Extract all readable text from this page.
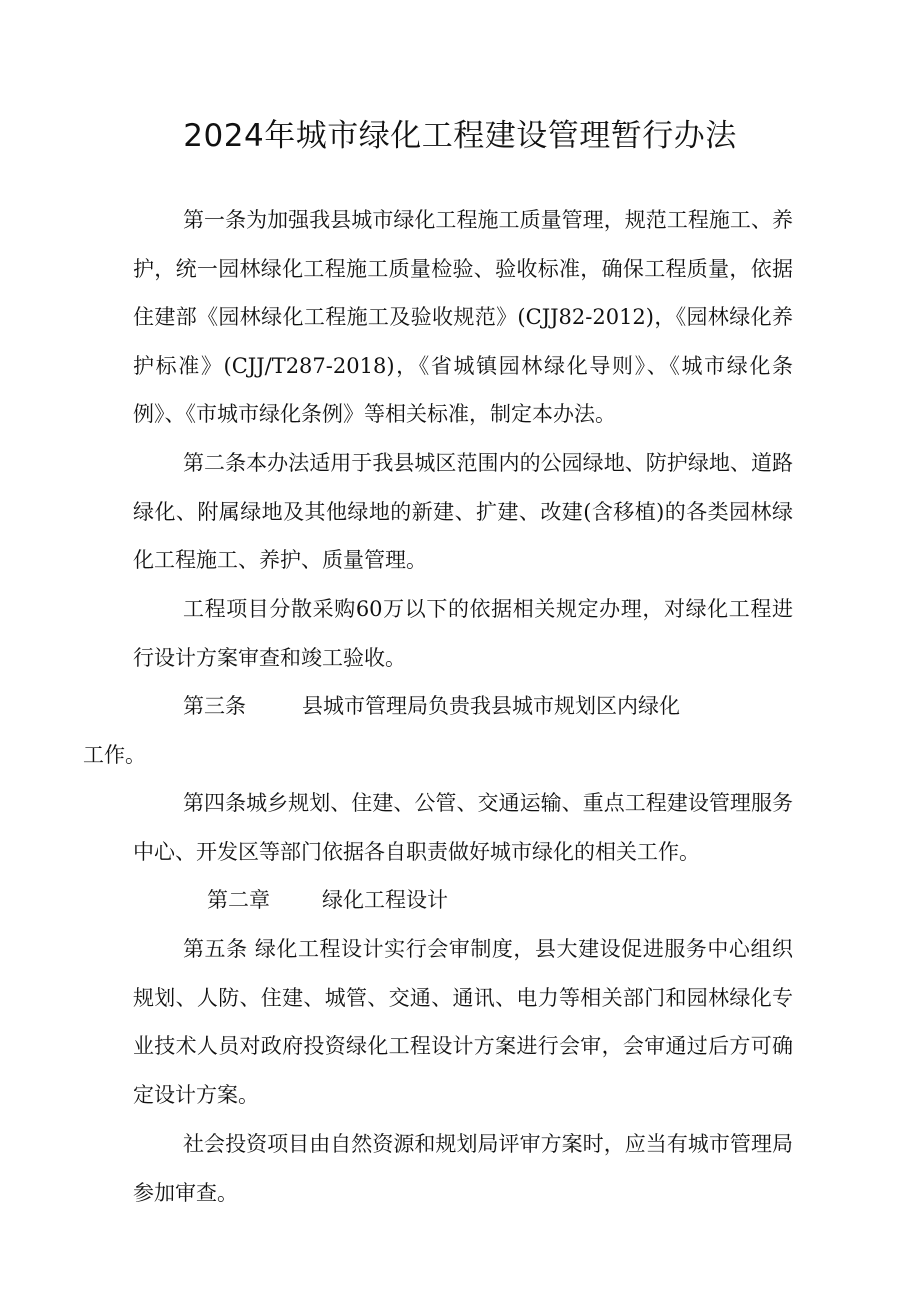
2024年城市绿化工程建设管理暂行办法

第一条为加强我县城市绿化工程施工质量管理，规范工程施工、养护，统一园林绿化工程施工质量检验、验收标准，确保工程质量，依据住建部《园林绿化工程施工及验收规范》(CJJ82-2012)，《园林绿化养护标准》(CJJ/T287-2018)，《省城镇园林绿化导则》、《城市绿化条例》、《市城市绿化条例》等相关标准，制定本办法。

第二条本办法适用于我县城区范围内的公园绿地、防护绿地、道路绿化、附属绿地及其他绿地的新建、扩建、改建(含移植)的各类园林绿化工程施工、养护、质量管理。

工程项目分散采购60万以下的依据相关规定办理，对绿化工程进行设计方案审查和竣工验收。

第三条	县城市管理局负贵我县城市规划区内绿化
工作。

第四条城乡规划、住建、公管、交通运输、重点工程建设管理服务中心、开发区等部门依据各自职责做好城市绿化的相关工作。

第二章 绿化工程设计

第五条 绿化工程设计实行会审制度，县大建设促进服务中心组织规划、人防、住建、城管、交通、通讯、电力等相关部门和园林绿化专业技术人员对政府投资绿化工程设计方案进行会审，会审通过后方可确定设计方案。

社会投资项目由自然资源和规划局评审方案时，应当有城市管理局参加审查。
